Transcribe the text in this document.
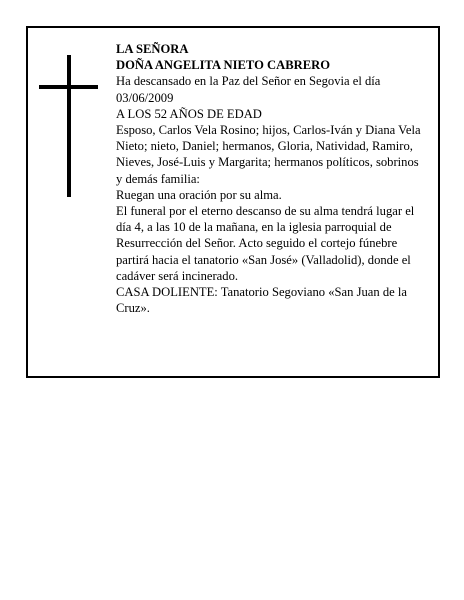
LA SEÑORA
DOÑA ANGELITA NIETO CABRERO
Ha descansado en la Paz del Señor en Segovia el día 03/06/2009
A LOS 52 AÑOS DE EDAD
Esposo, Carlos Vela Rosino; hijos, Carlos-Iván y Diana Vela Nieto; nieto, Daniel; hermanos, Gloria, Natividad, Ramiro, Nieves, José-Luis y Margarita; hermanos políticos, sobrinos y demás familia:
Ruegan una oración por su alma.
El funeral por el eterno descanso de su alma tendrá lugar el día 4, a las 10 de la mañana, en la iglesia parroquial de Resurrección del Señor. Acto seguido el cortejo fúnebre partirá hacia el tanatorio «San José» (Valladolid), donde el cadáver será incinerado.
CASA DOLIENTE: Tanatorio Segoviano «San Juan de la Cruz».
